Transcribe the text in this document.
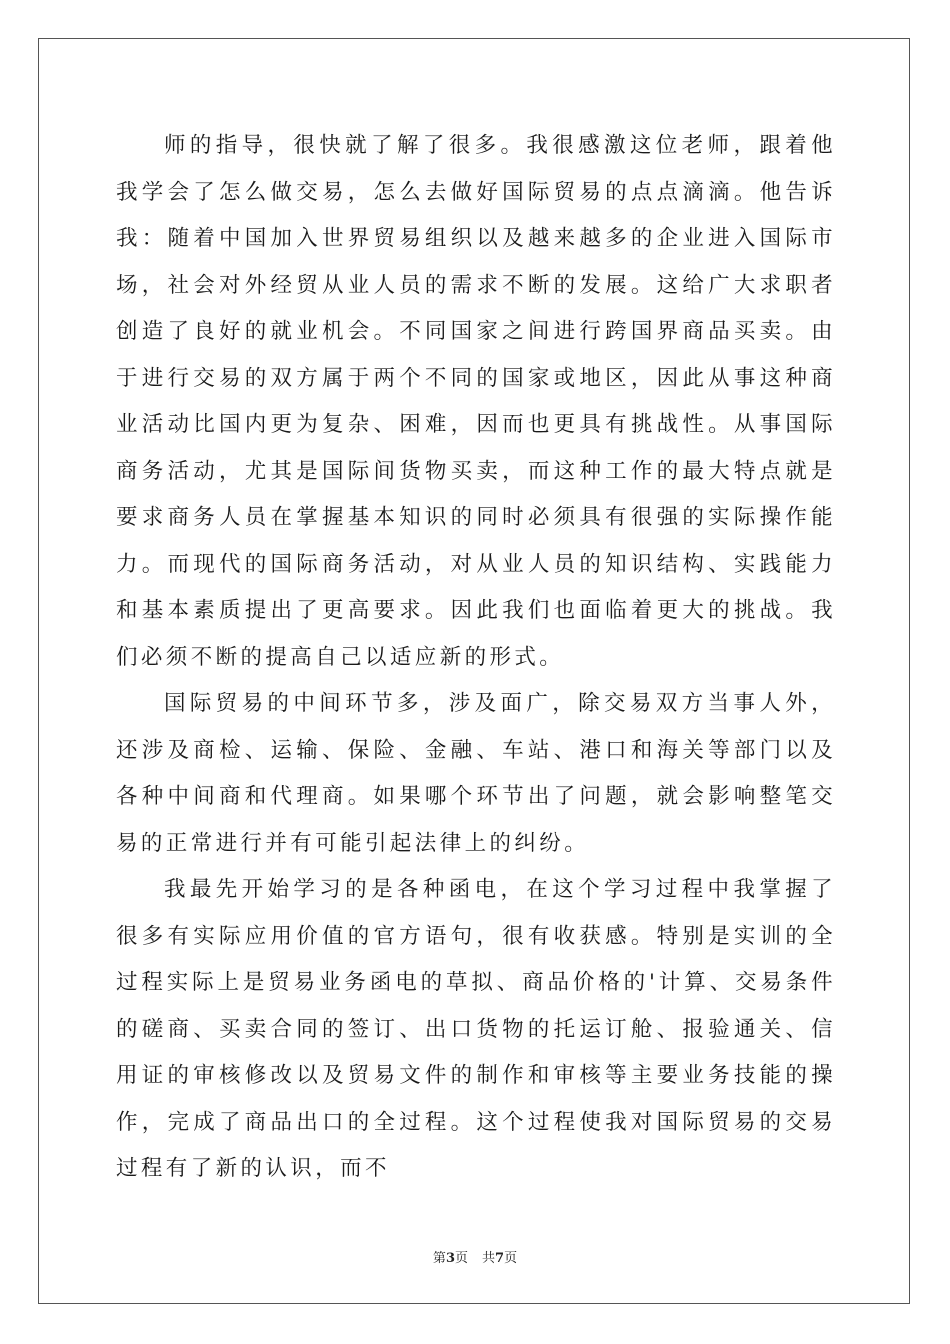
师的指导，很快就了解了很多。我很感激这位老师，跟着他我学会了怎么做交易，怎么去做好国际贸易的点点滴滴。他告诉我：随着中国加入世界贸易组织以及越来越多的企业进入国际市场，社会对外经贸从业人员的需求不断的发展。这给广大求职者创造了良好的就业机会。不同国家之间进行跨国界商品买卖。由于进行交易的双方属于两个不同的国家或地区，因此从事这种商业活动比国内更为复杂、困难，因而也更具有挑战性。从事国际商务活动，尤其是国际间货物买卖，而这种工作的最大特点就是要求商务人员在掌握基本知识的同时必须具有很强的实际操作能力。而现代的国际商务活动，对从业人员的知识结构、实践能力和基本素质提出了更高要求。因此我们也面临着更大的挑战。我们必须不断的提高自己以适应新的形式。

国际贸易的中间环节多，涉及面广，除交易双方当事人外，还涉及商检、运输、保险、金融、车站、港口和海关等部门以及各种中间商和代理商。如果哪个环节出了问题，就会影响整笔交易的正常进行并有可能引起法律上的纠纷。

我最先开始学习的是各种函电，在这个学习过程中我掌握了很多有实际应用价值的官方语句，很有收获感。特别是实训的全过程实际上是贸易业务函电的草拟、商品价格的'计算、交易条件的磋商、买卖合同的签订、出口货物的托运订舱、报验通关、信用证的审核修改以及贸易文件的制作和审核等主要业务技能的操作，完成了商品出口的全过程。这个过程使我对国际贸易的交易过程有了新的认识，而不

第3页 共7页
